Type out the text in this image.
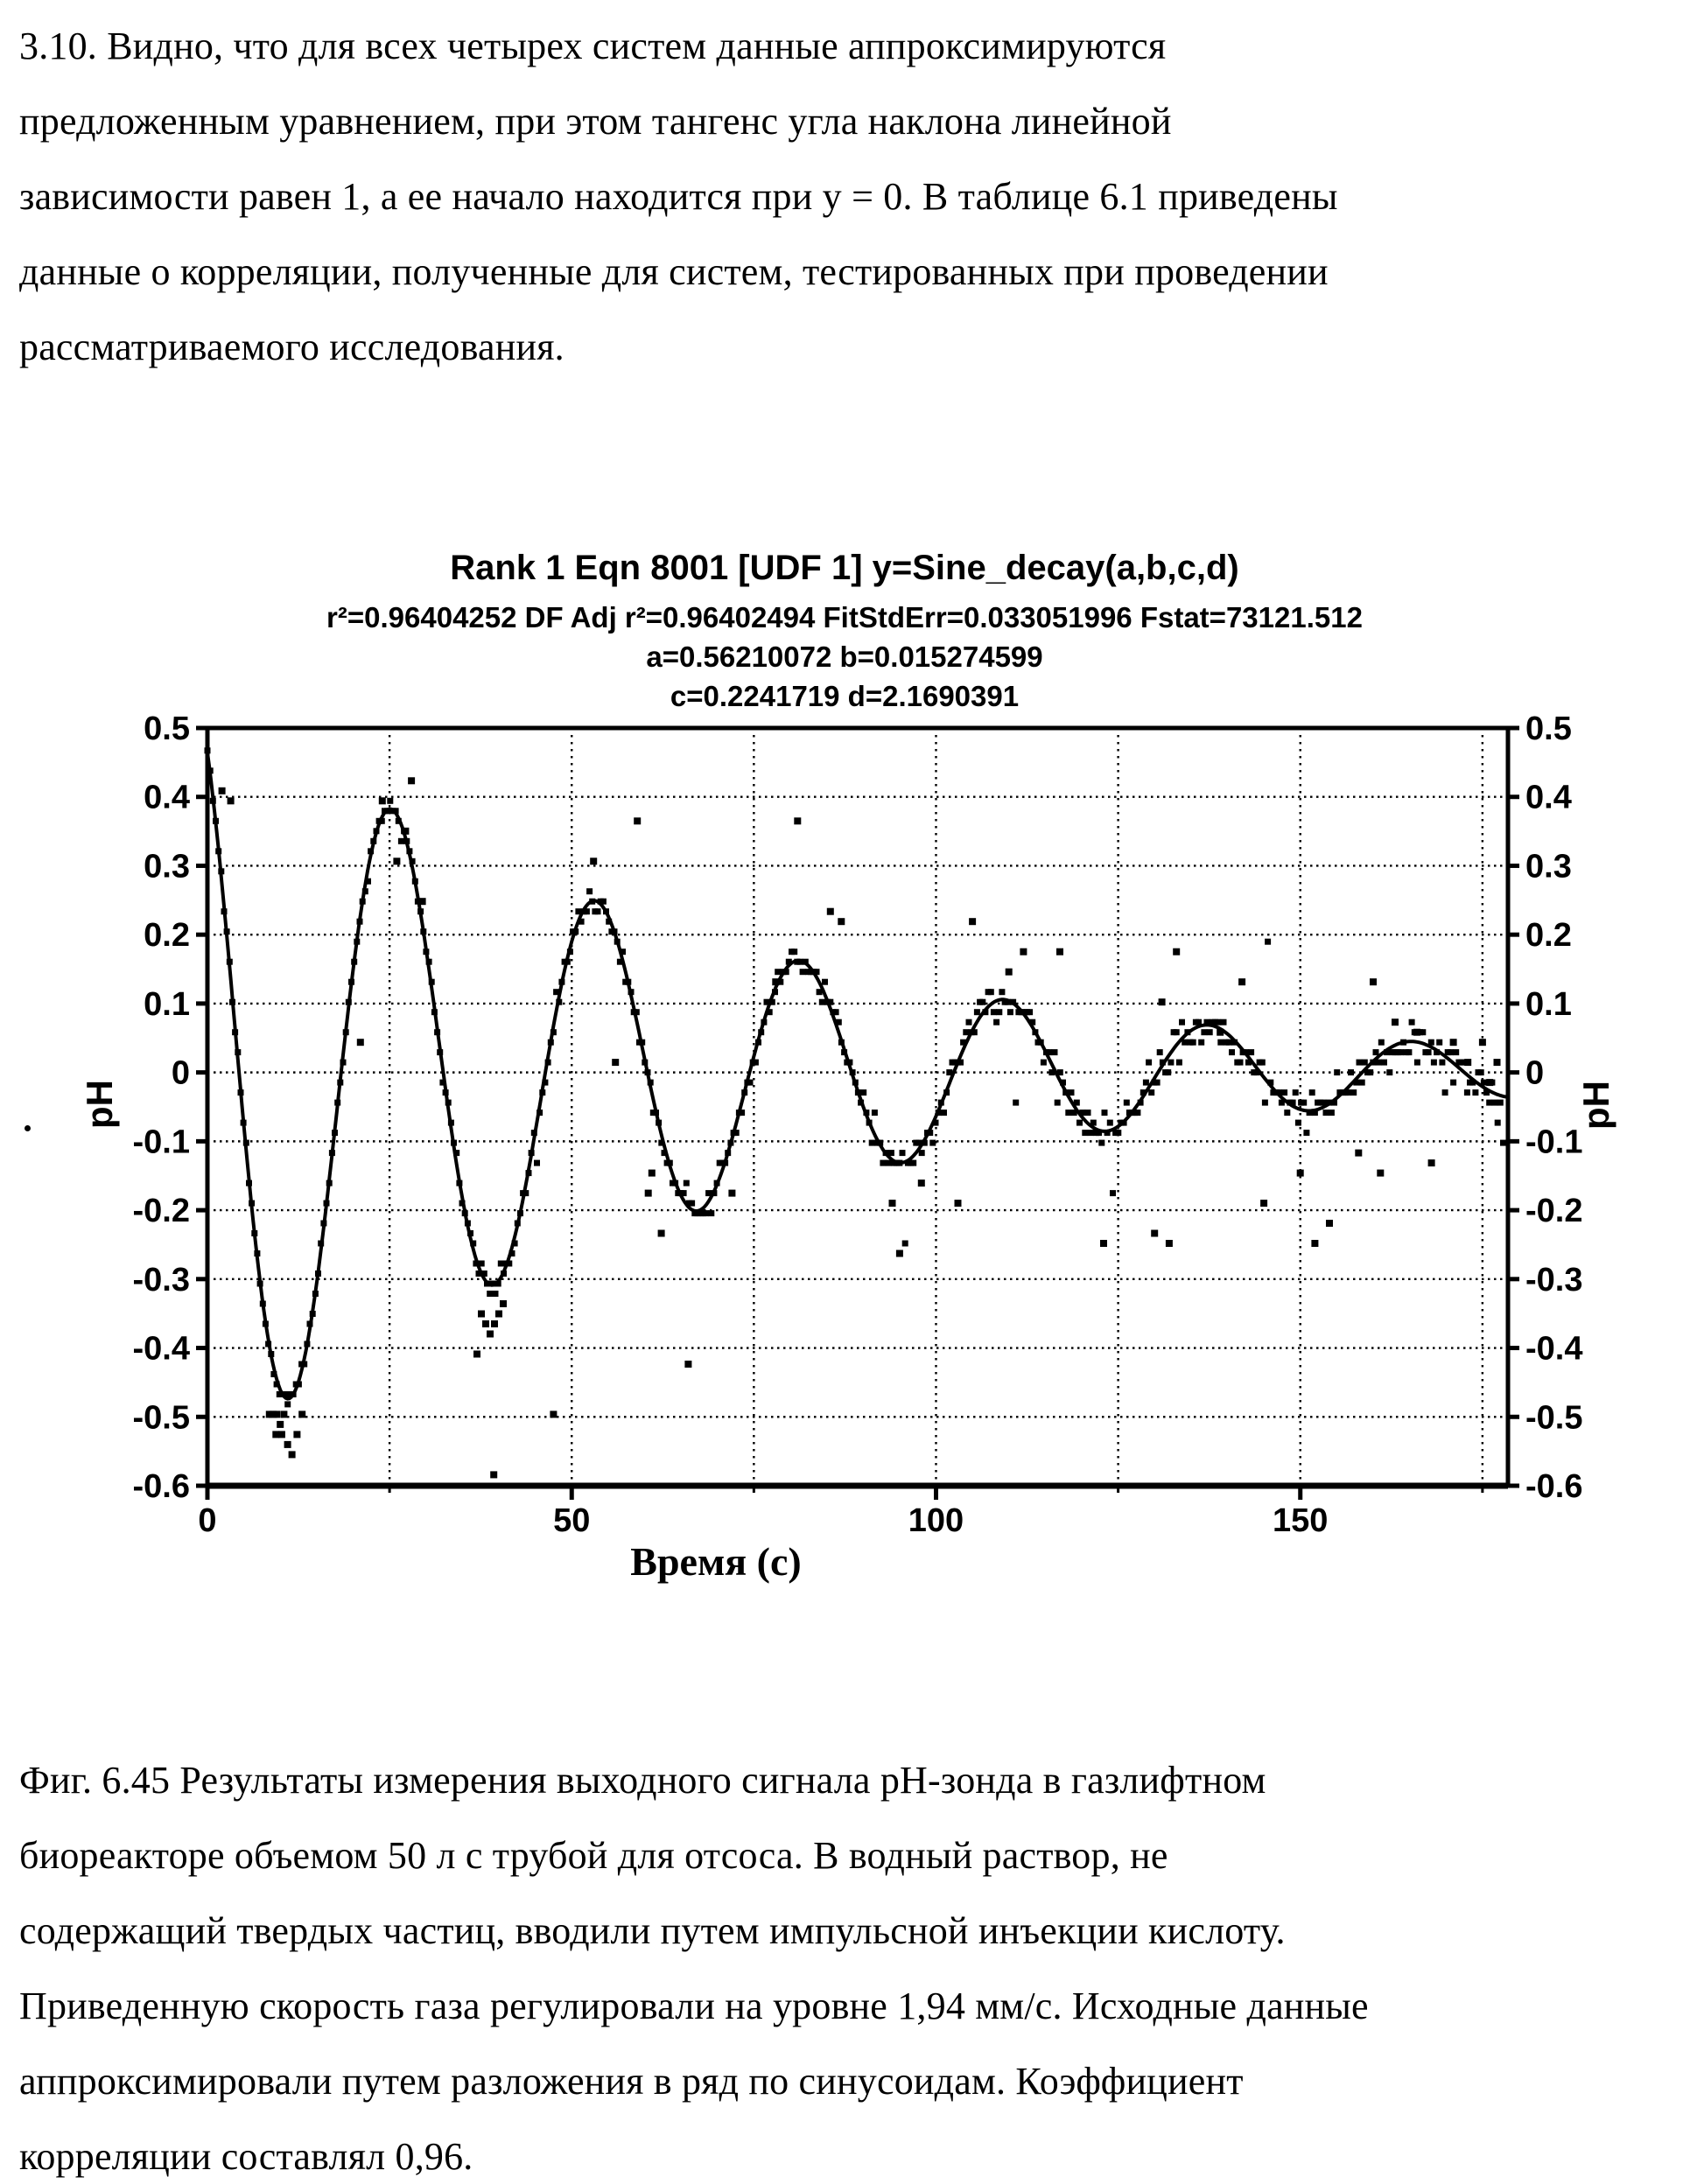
3.10. Видно, что для всех четырех систем данные аппроксимируются
предложенным уравнением, при этом тангенс угла наклона линейной
зависимости равен 1, а ее начало находится при y = 0. В таблице 6.1 приведены
данные о корреляции, полученные для систем, тестированных при проведении
рассматриваемого исследования.
Rank 1 Eqn 8001 [UDF 1] y=Sine_decay(a,b,c,d)
r²=0.96404252 DF Adj r²=0.96402494 FitStdErr=0.033051996 Fstat=73121.512
a=0.56210072 b=0.015274599
c=0.2241719 d=2.1690391
pH	pH
Время (с)
0.5	0.5
0.4	0.4
0.3	0.3
0.2	0.2
0.1	0.1
0	0
-0.1	-0.1
-0.2	-0.2
-0.3	-0.3
-0.4	-0.4
-0.5	-0.5
-0.6	-0.6
0	50	100	150
Фиг. 6.45 Результаты измерения выходного сигнала pH-зонда в газлифтном
биореакторе объемом 50 л с трубой для отсоса. В водный раствор, не
содержащий твердых частиц, вводили путем импульсной инъекции кислоту.
Приведенную скорость газа регулировали на уровне 1,94 мм/с. Исходные данные
аппроксимировали путем разложения в ряд по синусоидам. Коэффициент
корреляции составлял 0,96.
